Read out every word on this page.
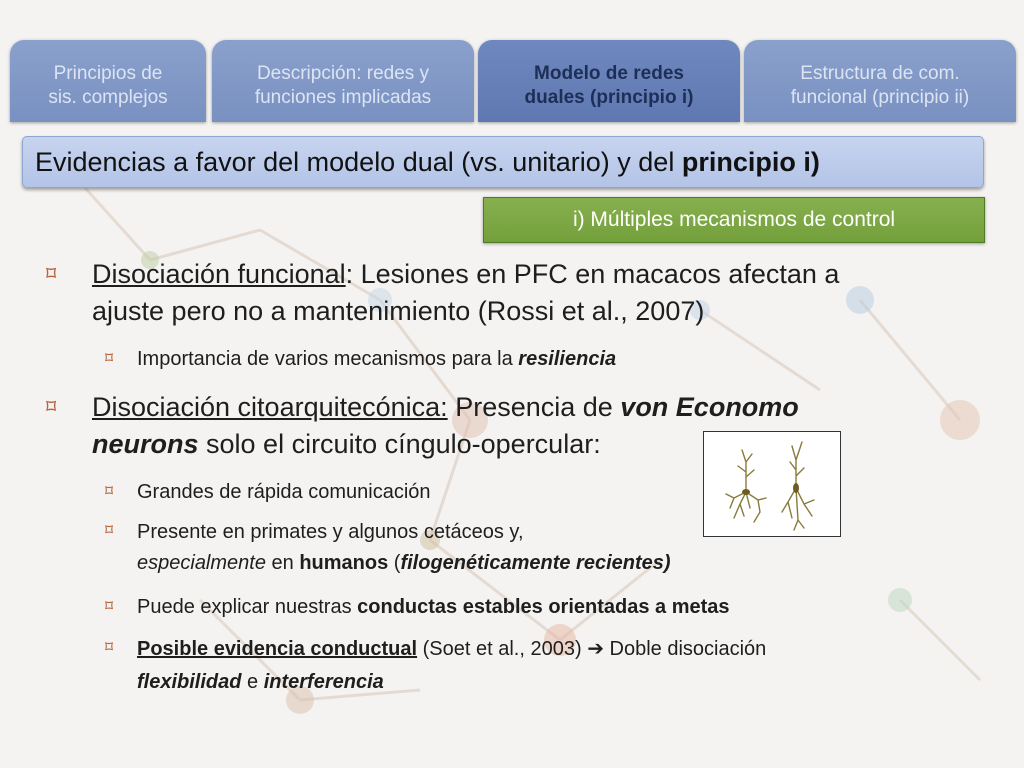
Principios de
sis. complejos
Descripción: redes y
funciones implicadas
Modelo de redes
duales (principio i)
Estructura de com.
funcional (principio ii)
Evidencias a favor del modelo dual (vs. unitario) y del principio i)
i) Múltiples mecanismos de control
⌑ Disociación funcional: Lesiones en PFC en macacos afectan a
ajuste pero no a mantenimiento (Rossi et al., 2007)
⌑ Importancia de varios mecanismos para la resiliencia
⌑ Disociación citoarquitecónica: Presencia de von Economo
neurons solo el circuito cíngulo-opercular:
⌑ Grandes de rápida comunicación
⌑ Presente en primates y algunos cetáceos y,
especialmente en humanos (filogenéticamente recientes)
⌑ Puede explicar nuestras conductas estables orientadas a metas
⌑ Posible evidencia conductual (Soet et al., 2003) ➔ Doble disociación
flexibilidad e interferencia
